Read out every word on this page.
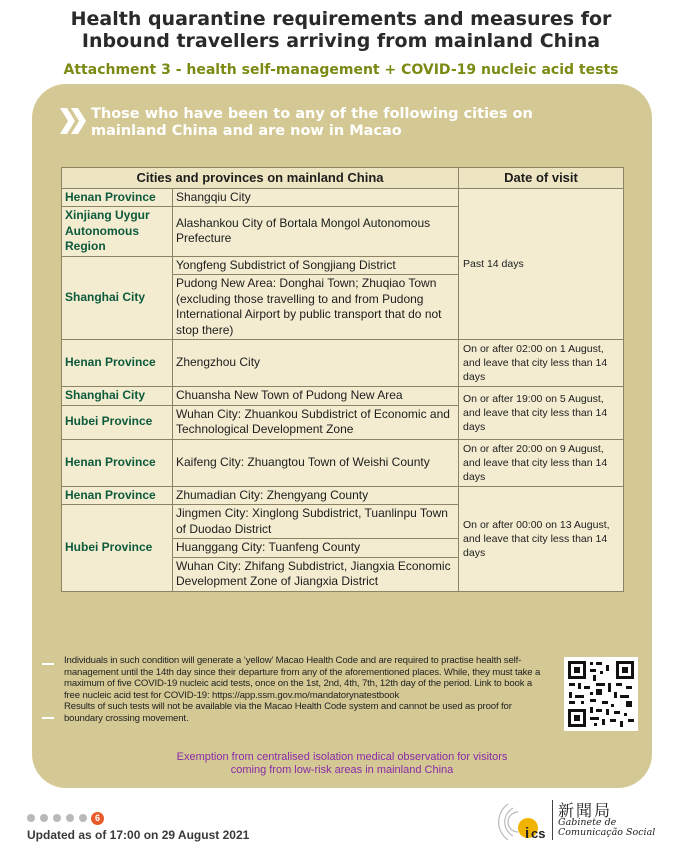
Health quarantine requirements and measures for
Inbound travellers arriving from mainland China
Attachment 3 - health self-management + COVID-19 nucleic acid tests
Those who have been to any of the following cities on
mainland China and are now in Macao
Cities and provinces on mainland China		Date of visit
Henan Province	Shangqiu City	Past 14 days
Xinjiang Uygur Autonomous Region	Alashankou City of Bortala Mongol Autonomous Prefecture	
Shanghai City	Yongfeng Subdistrict of Songjiang District	
	Pudong New Area: Donghai Town; Zhuqiao Town (excluding those travelling to and from Pudong International Airport by public transport that do not stop there)	
Henan Province	Zhengzhou City	On or after 02:00 on 1 August, and leave that city less than 14 days
Shanghai City	Chuansha New Town of Pudong New Area	On or after 19:00 on 5 August, and leave that city less than 14 days
Hubei Province	Wuhan City: Zhuankou Subdistrict of Economic and Technological Development Zone	
Henan Province	Kaifeng City: Zhuangtou Town of Weishi County	On or after 20:00 on 9 August, and leave that city less than 14 days
Henan Province	Zhumadian City: Zhengyang County	On or after 00:00 on 13 August, and leave that city less than 14 days
Hubei Province	Jingmen City: Xinglong Subdistrict, Tuanlinpu Town of Duodao District	
	Huanggang City: Tuanfeng County	
	Wuhan City: Zhifang Subdistrict, Jiangxia Economic Development Zone of Jiangxia District	
Individuals in such condition will generate a ‘yellow’ Macao Health Code and are required to practise health self-management until the 14th day since their departure from any of the aforementioned places. While, they must take a maximum of five COVID-19 nucleic acid tests, once on the 1st, 2nd, 4th, 7th, 12th day of the period. Link to book a free nucleic acid test for COVID-19: https://app.ssm.gov.mo/mandatorynatestbook
Results of such tests will not be available via the Macao Health Code system and cannot be used as proof for boundary crossing movement.
Exemption from centralised isolation medical observation for visitors
coming from low-risk areas in mainland China
6
Updated as of 17:00 on 29 August 2021	i cs
新聞局
Gabinete de
Comunicação Social
